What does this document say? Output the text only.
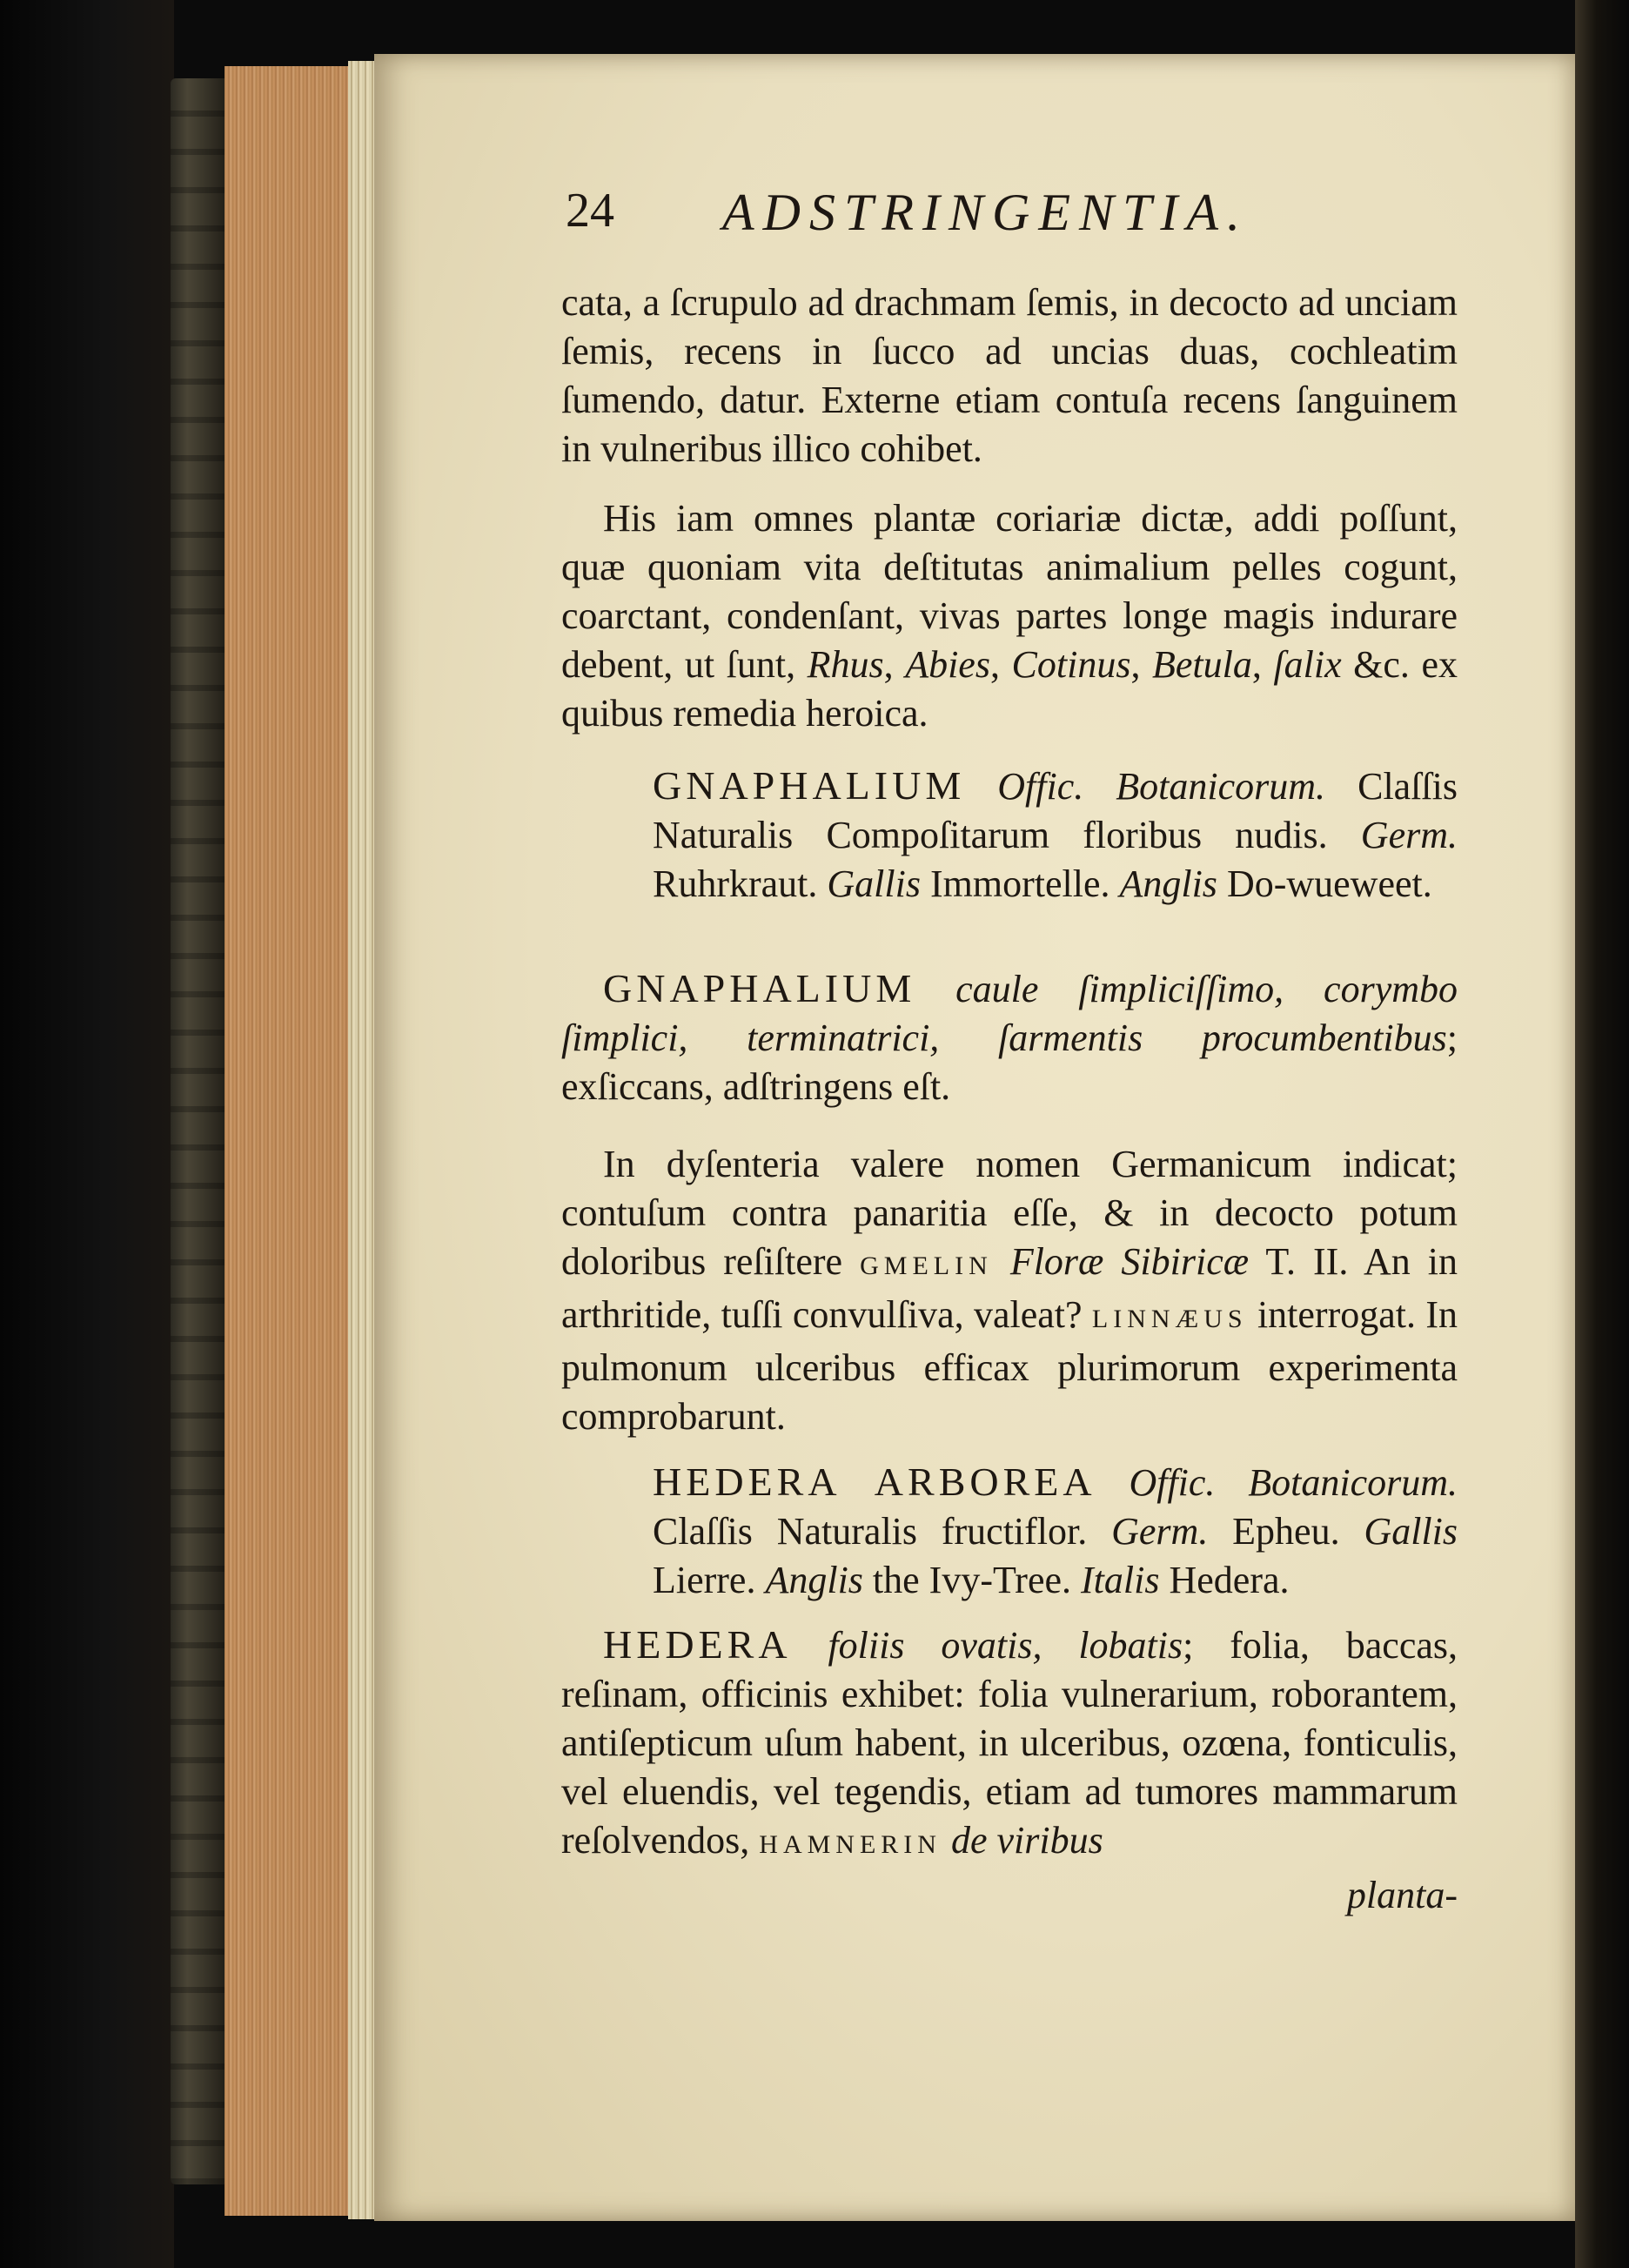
24 ADSTRINGENTIA.
cata, a ſcrupulo ad drachmam ſemis, in decocto ad unciam ſemis, recens in ſucco ad uncias duas, cochleatim ſumendo, datur. Externe etiam contuſa recens ſanguinem in vulneribus illico cohibet.
His iam omnes plantæ coriariæ dictæ, addi poſſunt, quæ quoniam vita deſtitutas animalium pelles cogunt, coarctant, condenſant, vivas partes longe magis indurare debent, ut ſunt, Rhus, Abies, Cotinus, Betula, ſalix &c. ex quibus remedia heroica.
GNAPHALIUM Offic. Botanicorum. Claſſis Naturalis Compoſitarum floribus nudis. Germ. Ruhrkraut. Gallis Immortelle. Anglis Do-wueweet.
GNAPHALIUM caule ſimpliciſſimo, corymbo ſimplici, terminatrici, ſarmentis procumbentibus; exſiccans, adſtringens eſt.
In dyſenteria valere nomen Germanicum indicat; contuſum contra panaritia eſſe, & in decocto potum doloribus reſiſtere GMELIN Floræ Sibiricæ T. II. An in arthritide, tuſſi convulſiva, valeat? LINNÆUS interrogat. In pulmonum ulceribus efficax plurimorum experimenta comprobarunt.
HEDERA ARBOREA Offic. Botanicorum. Claſſis Naturalis fructiflor. Germ. Epheu. Gallis Lierre. Anglis the Ivy-Tree. Italis Hedera.
HEDERA foliis ovatis, lobatis; folia, baccas, reſinam, officinis exhibet: folia vulnerarium, roborantem, antiſepticum uſum habent, in ulceribus, ozœna, fonticulis, vel eluendis, vel tegendis, etiam ad tumores mammarum reſolvendos, HAMNERIN de viribus
planta-
